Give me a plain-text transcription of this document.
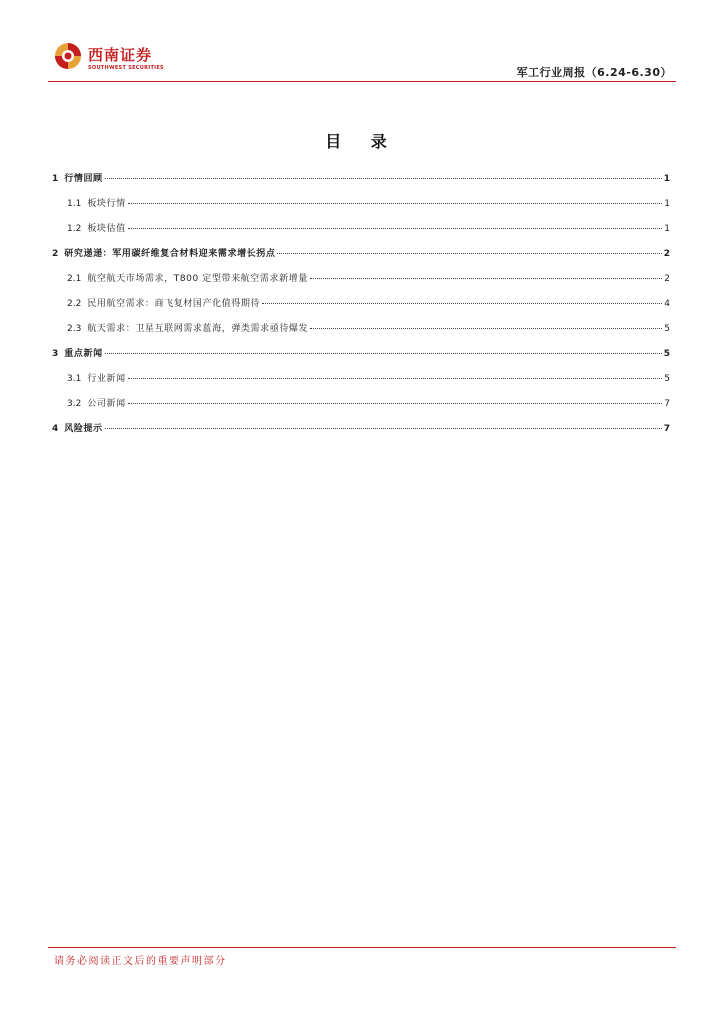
西南证券
SOUTHWEST SECURITIES	军工行业周报（6.24-6.30）
目 录
1 行情回顾	1
1.1 板块行情	1
1.2 板块估值	1
2 研究递递：军用碳纤维复合材料迎来需求增长拐点	2
2.1 航空航天市场需求，T800 定型带来航空需求新增量	2
2.2 民用航空需求：商飞复材国产化值得期待	4
2.3 航天需求：卫星互联网需求蓝海，弹类需求亟待爆发	5
3 重点新闻	5
3.1 行业新闻	5
3.2 公司新闻	7
4 风险提示	7
请务必阅读正文后的重要声明部分
